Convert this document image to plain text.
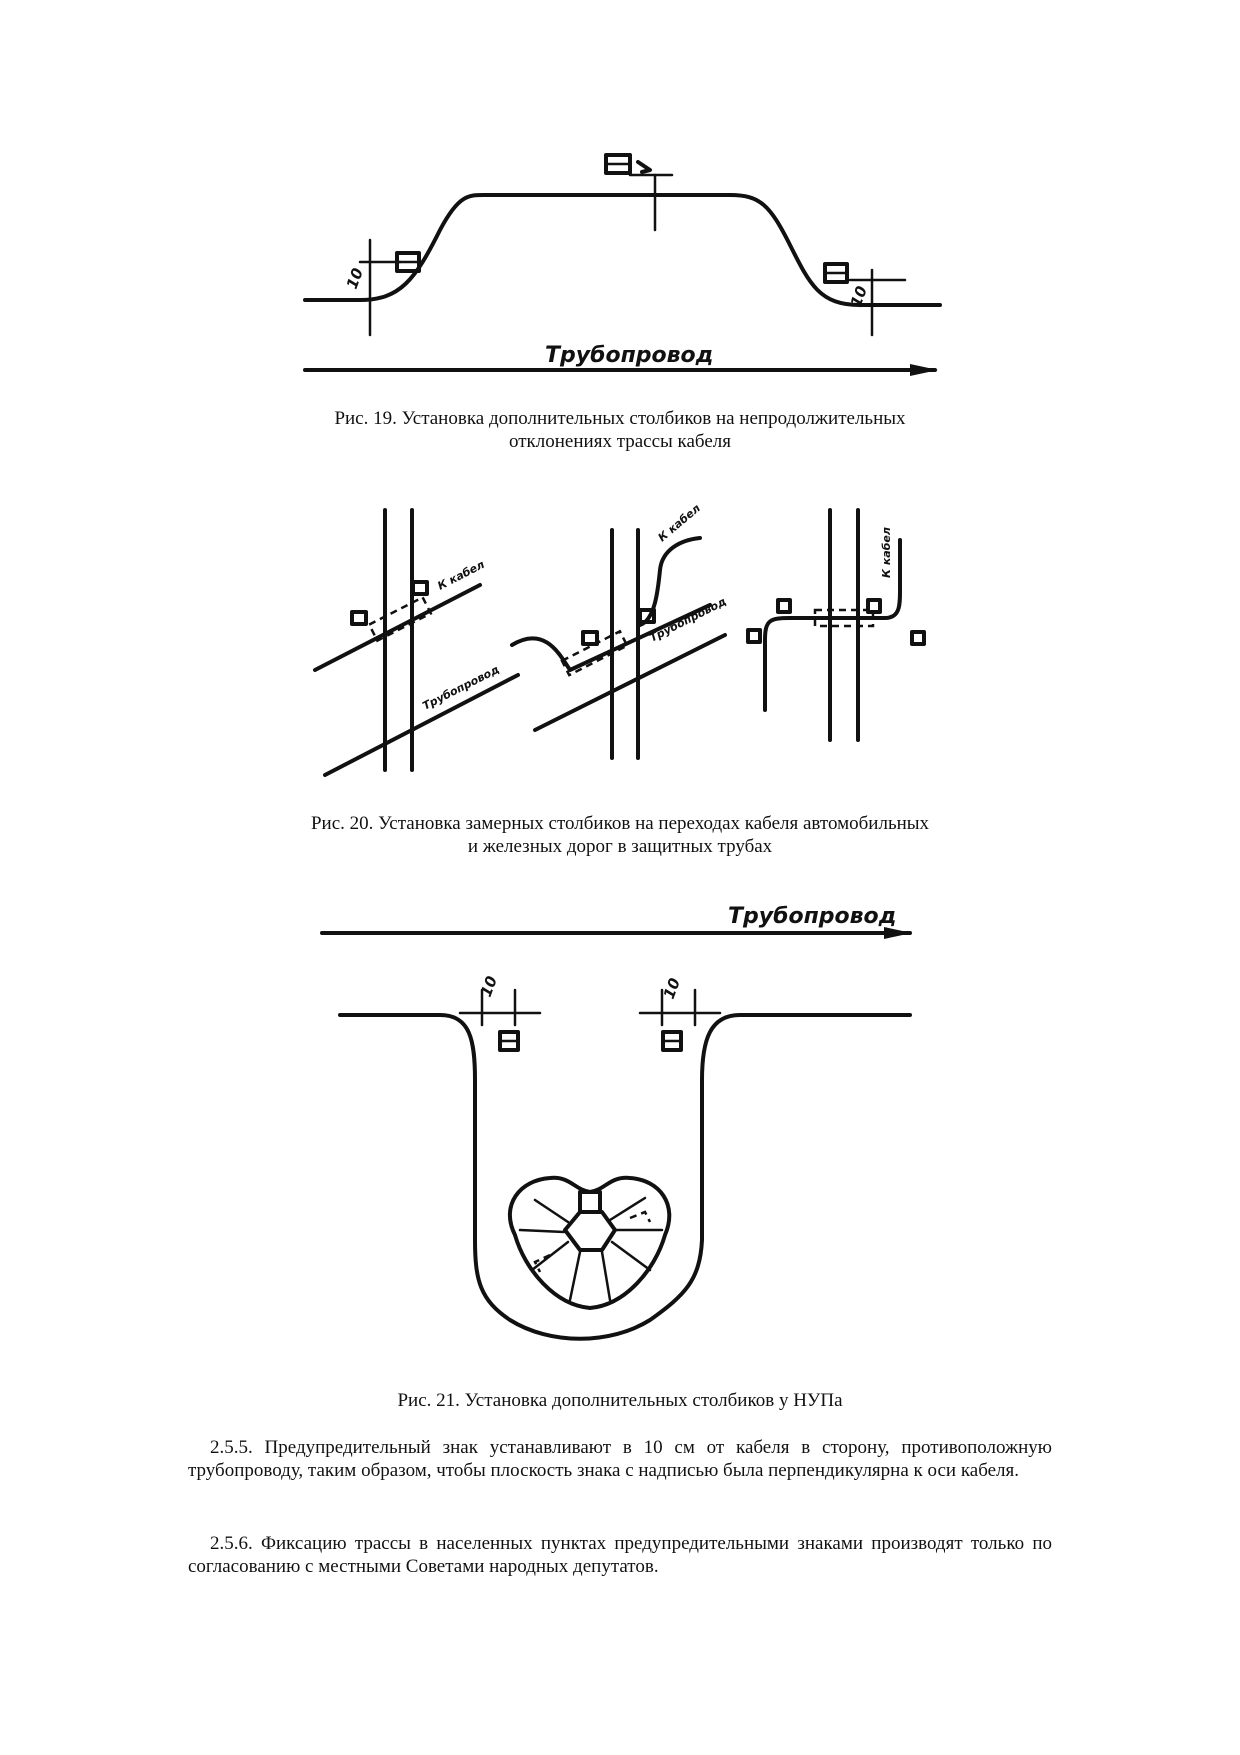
10
10
Трубопровод
Рис. 19. Установка дополнительных столбиков на непродолжительных
отклонениях трассы кабеля
К кабел
Трубопровод
К кабел
Трубопровод
К кабел
Рис. 20. Установка замерных столбиков на переходах кабеля автомобильных
и железных дорог в защитных трубах
Трубопровод
10	10
Рис. 21. Установка дополнительных столбиков у НУПа
2.5.5. Предупредительный знак устанавливают в 10 см от кабеля в сторону, противоположную трубопроводу, таким образом, чтобы плоскость знака с надписью была перпендикулярна к оси кабеля.
2.5.6. Фиксацию трассы в населенных пунктах предупредительными знаками производят только по согласованию с местными Советами народных депутатов.
